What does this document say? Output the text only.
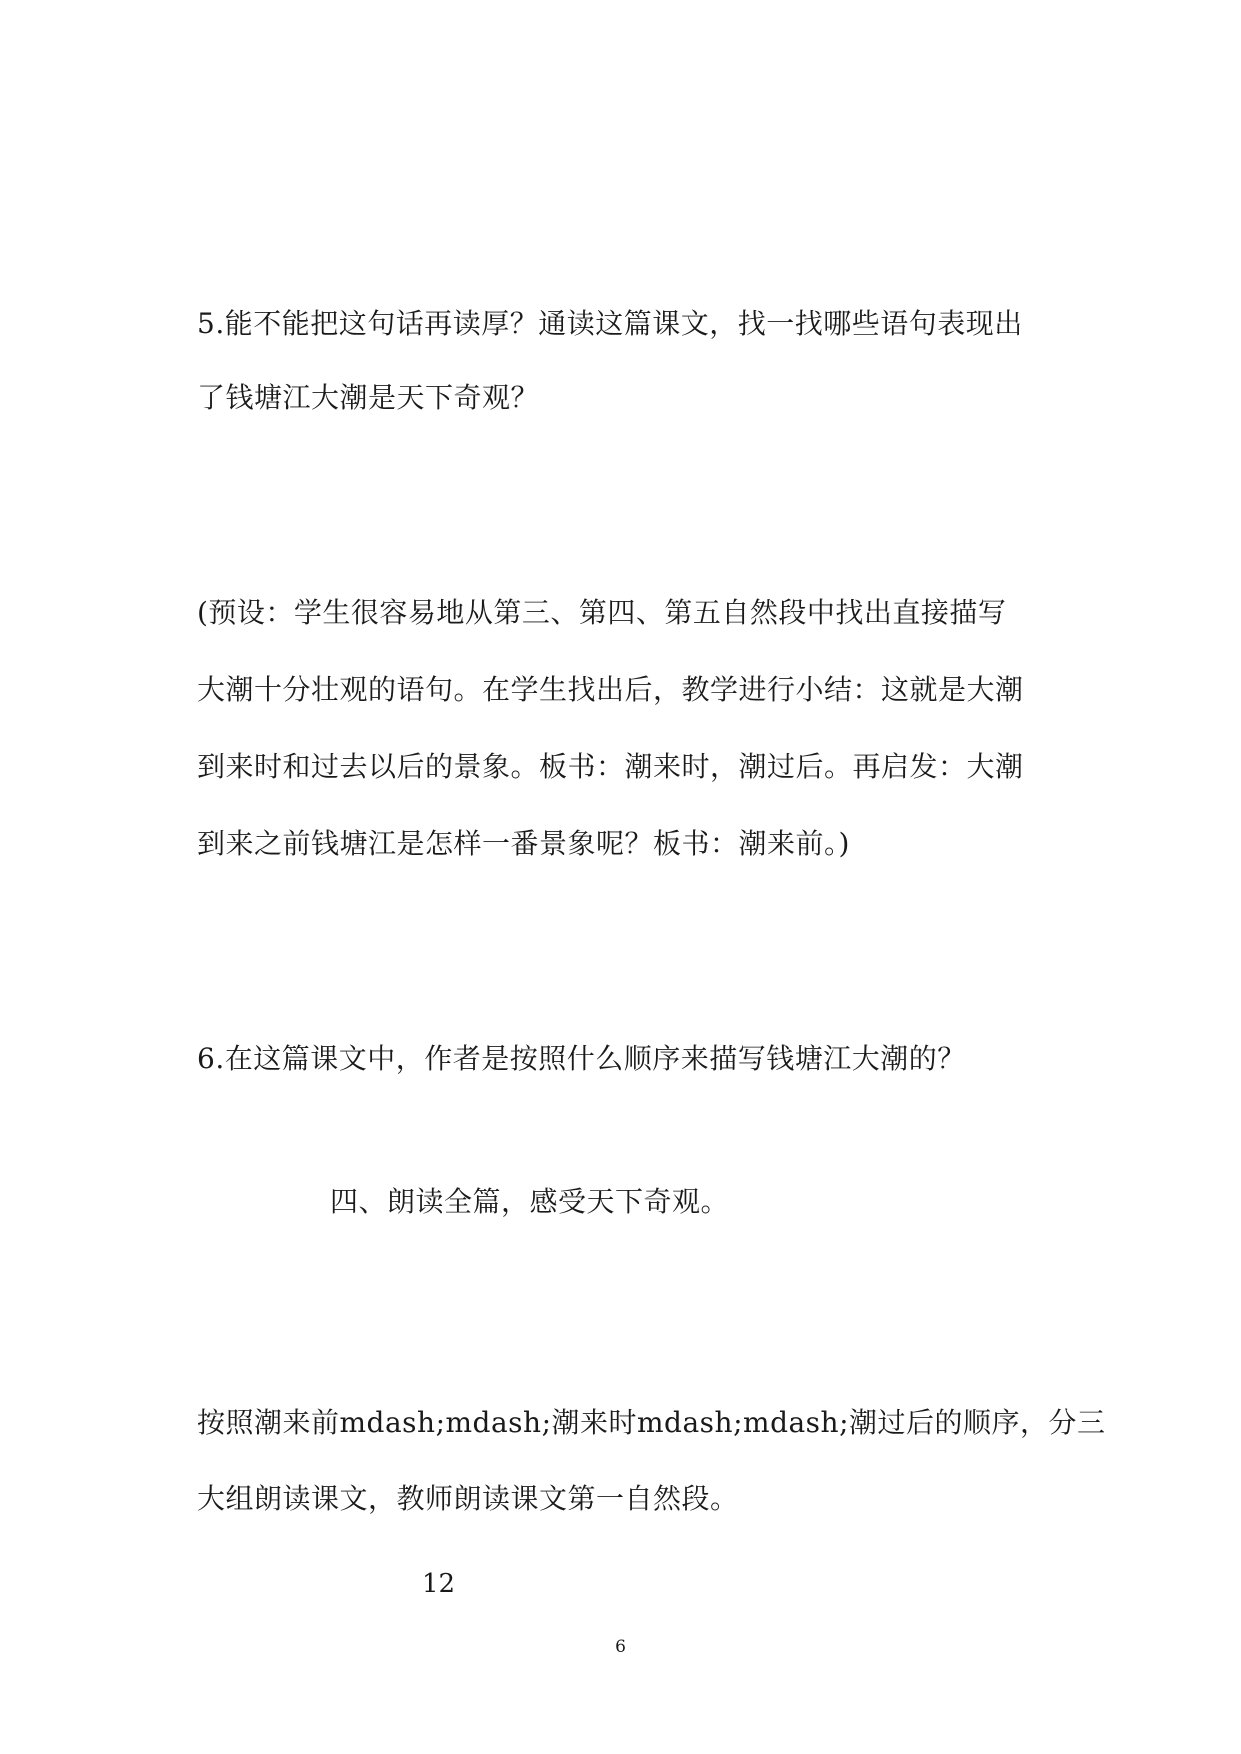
5.能不能把这句话再读厚？通读这篇课文，找一找哪些语句表现出
了钱塘江大潮是天下奇观？
(预设：学生很容易地从第三、第四、第五自然段中找出直接描写
大潮十分壮观的语句。在学生找出后，教学进行小结：这就是大潮
到来时和过去以后的景象。板书：潮来时，潮过后。再启发：大潮
到来之前钱塘江是怎样一番景象呢？板书：潮来前。)
6.在这篇课文中，作者是按照什么顺序来描写钱塘江大潮的？
四、朗读全篇，感受天下奇观。
按照潮来前mdash;mdash;潮来时mdash;mdash;潮过后的顺序，分三
大组朗读课文，教师朗读课文第一自然段。
12
6
